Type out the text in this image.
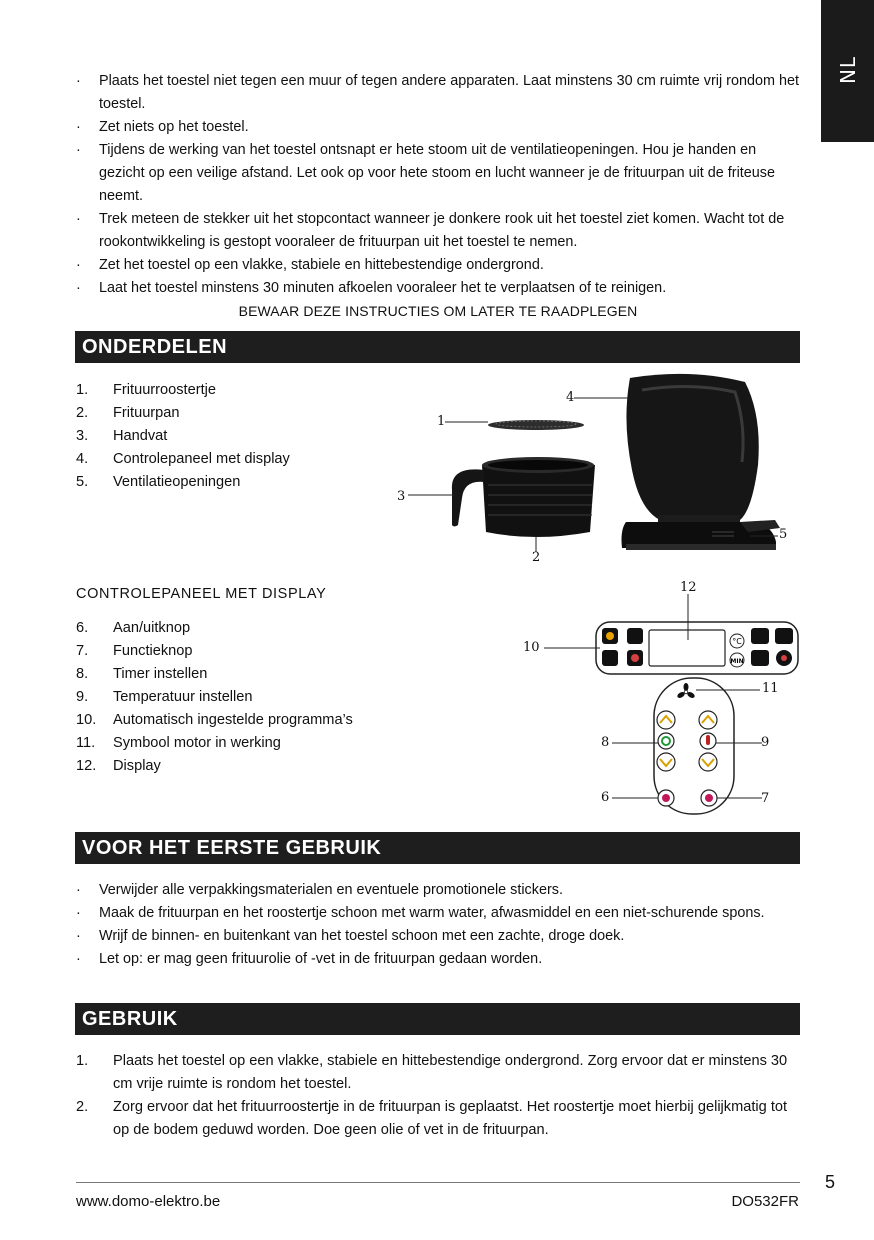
NL
·	Plaats het toestel niet tegen een muur of tegen andere apparaten. Laat minstens 30 cm ruimte vrij rondom het toestel.
·	Zet niets op het toestel.
·	Tijdens de werking van het toestel ontsnapt er hete stoom uit de ventilatieopeningen. Hou je handen en gezicht op een veilige afstand. Let ook op voor hete stoom en lucht wanneer je de frituurpan uit de friteuse neemt.
·	Trek meteen de stekker uit het stopcontact wanneer je donkere rook uit het toestel ziet komen. Wacht tot de rookontwikkeling is gestopt vooraleer de frituurpan uit het toestel te nemen.
·	Zet het toestel op een vlakke, stabiele en hittebestendige ondergrond.
·	Laat het toestel minstens 30 minuten afkoelen vooraleer het te verplaatsen of te reinigen.
BEWAAR DEZE INSTRUCTIES OM LATER TE RAADPLEGEN
ONDERDELEN
1. Frituurroostertje
2. Frituurpan
3. Handvat
4. Controlepaneel met display
5. Ventilatieopeningen
1
2
3
4
5
CONTROLEPANEEL MET DISPLAY
6. Aan/uitknop
7. Functieknop
8. Timer instellen
9. Temperatuur instellen
10. Automatisch ingestelde programma’s
11. Symbool motor in werking
12. Display
°C
MIN
6	7
8	9
10
11
12
VOOR HET EERSTE GEBRUIK
·	Verwijder alle verpakkingsmaterialen en eventuele promotionele stickers.
·	Maak de frituurpan en het roostertje schoon met warm water, afwasmiddel en een niet-schurende spons.
·	Wrijf de binnen- en buitenkant van het toestel schoon met een zachte, droge doek.
·	Let op: er mag geen frituurolie of -vet in de frituurpan gedaan worden.
GEBRUIK
1. Plaats het toestel op een vlakke, stabiele en hittebestendige ondergrond. Zorg ervoor dat er minstens 30 cm vrije ruimte is rondom het toestel.
2. Zorg ervoor dat het frituurroostertje in de frituurpan is geplaatst. Het roostertje moet hierbij gelijkmatig tot op de bodem geduwd worden. Doe geen olie of vet in de frituurpan.
5
www.domo-elektro.be	DO532FR
